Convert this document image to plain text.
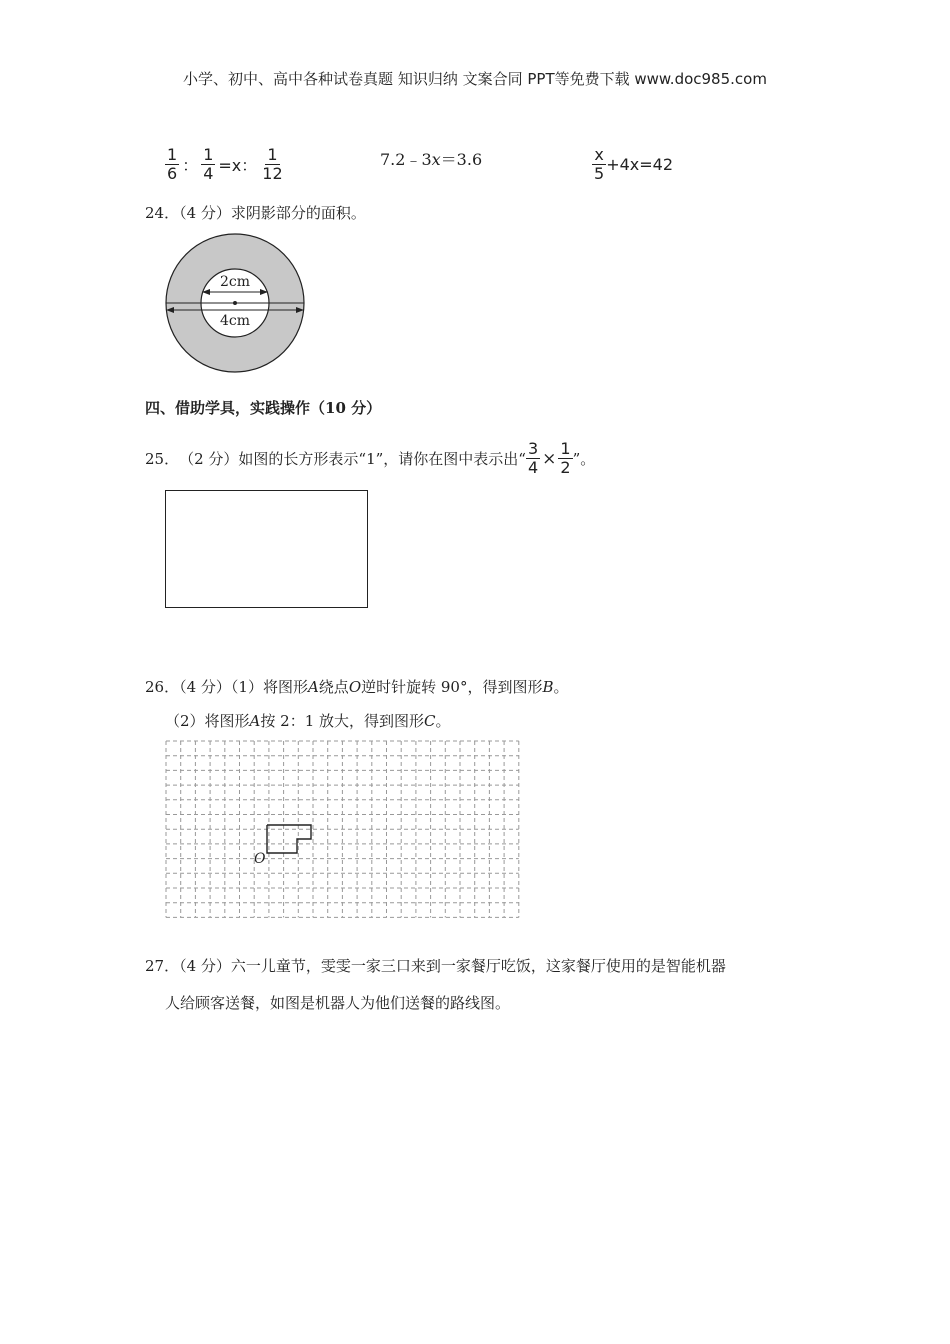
小学、初中、高中各种试卷真题 知识归纳 文案合同 PPT等免费下载 www.doc985.com
$\frac{1}{6}$ ： $\frac{1}{4} =x$： $\frac{1}{12}$	7.2﹣3x＝3.6	$\frac{x}{5} +4x=42$
24．（4 分）求阴影部分的面积。
2cm
4cm
四、借助学具，实践操作（10 分）
25． （2 分）如图的长方形表示“1”，请你在图中表示出“ $\frac{3}{4} \times \frac{1}{2}$ ”。
26．（4 分）（1）将图形A绕点O逆时针旋转 90°，得到图形B。
（2）将图形A按 2：1 放大，得到图形C。
O
27．（4 分）六一儿童节，雯雯一家三口来到一家餐厅吃饭，这家餐厅使用的是智能机器
人给顾客送餐，如图是机器人为他们送餐的路线图。
